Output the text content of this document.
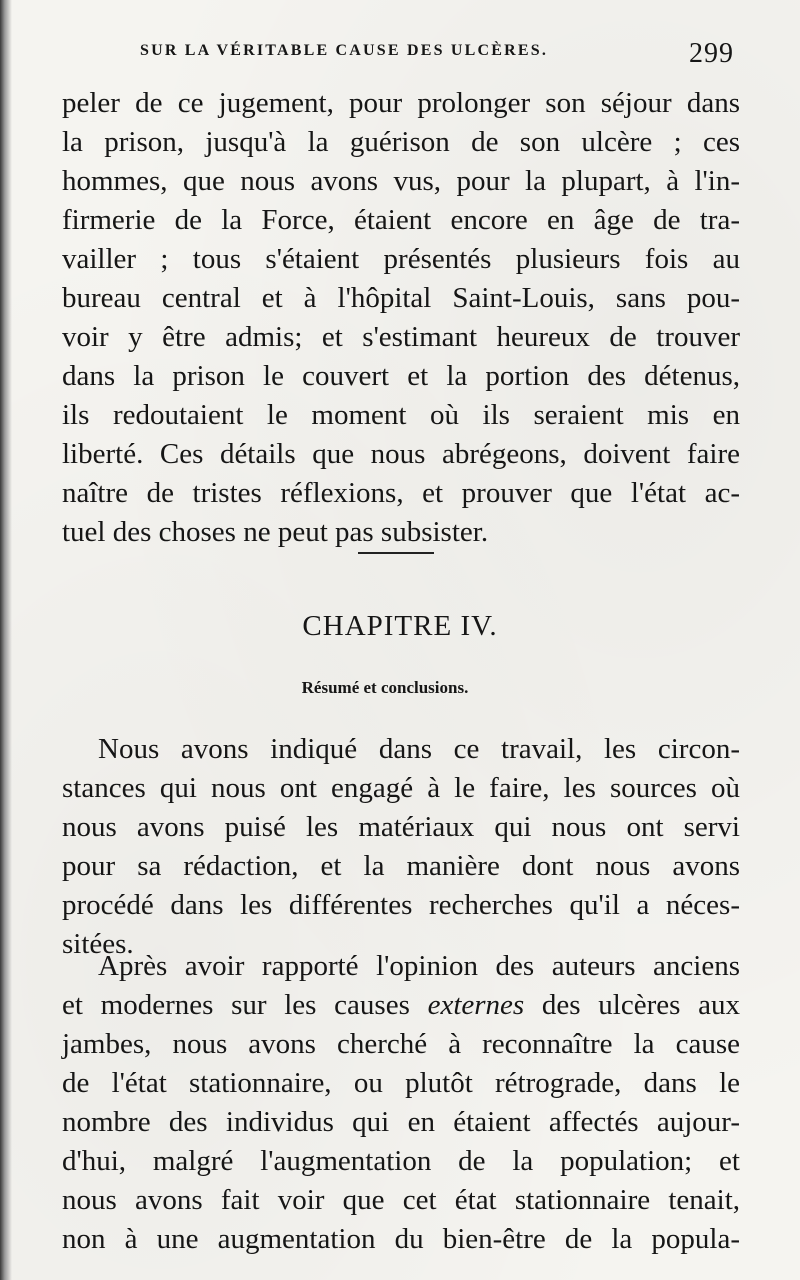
SUR LA VÉRITABLE CAUSE DES ULCÈRES.	299
peler de ce jugement, pour prolonger son séjour dans
la prison, jusqu'à la guérison de son ulcère ; ces
hommes, que nous avons vus, pour la plupart, à l'in-
firmerie de la Force, étaient encore en âge de tra-
vailler ; tous s'étaient présentés plusieurs fois au
bureau central et à l'hôpital Saint-Louis, sans pou-
voir y être admis; et s'estimant heureux de trouver
dans la prison le couvert et la portion des détenus,
ils redoutaient le moment où ils seraient mis en
liberté. Ces détails que nous abrégeons, doivent faire
naître de tristes réflexions, et prouver que l'état ac-
tuel des choses ne peut pas subsister.
CHAPITRE IV.
Résumé et conclusions.
Nous avons indiqué dans ce travail, les circon-
stances qui nous ont engagé à le faire, les sources où
nous avons puisé les matériaux qui nous ont servi
pour sa rédaction, et la manière dont nous avons
procédé dans les différentes recherches qu'il a néces-
sitées.
Après avoir rapporté l'opinion des auteurs anciens
et modernes sur les causes externes des ulcères aux
jambes, nous avons cherché à reconnaître la cause
de l'état stationnaire, ou plutôt rétrograde, dans le
nombre des individus qui en étaient affectés aujour-
d'hui, malgré l'augmentation de la population; et
nous avons fait voir que cet état stationnaire tenait,
non à une augmentation du bien-être de la popula-
